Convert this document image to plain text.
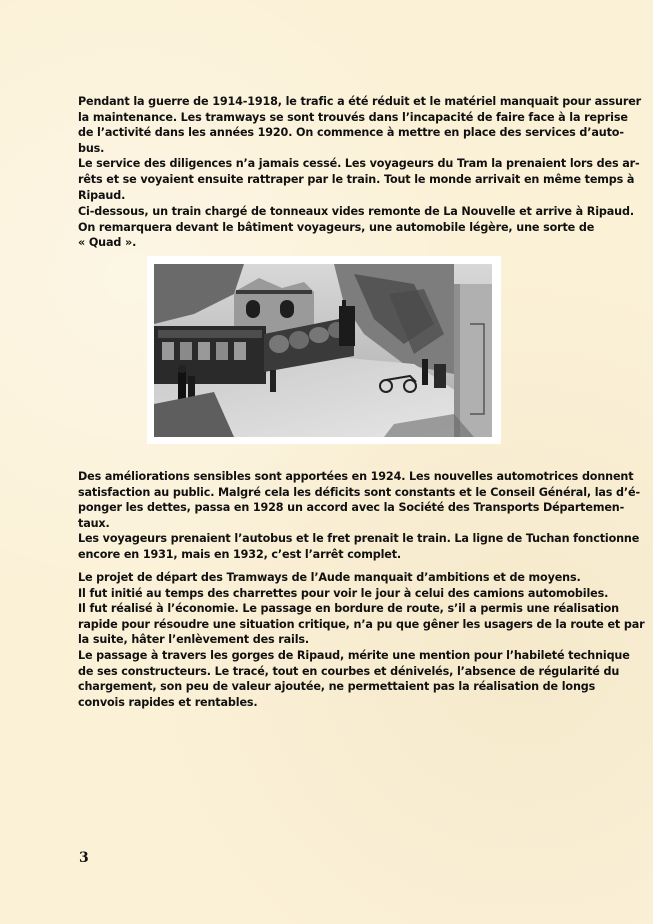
Pendant la guerre de 1914-1918, le trafic a été réduit et le matériel manquait pour assurer
la maintenance. Les tramways se sont trouvés dans l’incapacité de faire face à la reprise
de l’activité dans les années 1920. On commence à mettre en place des services d’auto-
bus.
Le service des diligences n’a jamais cessé. Les voyageurs du Tram la prenaient lors des ar-
rêts et se voyaient ensuite rattraper par le train. Tout le monde arrivait en même temps à
Ripaud.

Ci-dessous, un train chargé de tonneaux vides remonte de La Nouvelle et arrive à Ripaud.
On remarquera devant le bâtiment voyageurs, une automobile légère, une sorte de
« Quad ».

Des améliorations sensibles sont apportées en 1924. Les nouvelles automotrices donnent
satisfaction au public. Malgré cela les déficits sont constants et le Conseil Général, las d’é-
ponger les dettes, passa en 1928 un accord avec la Société des Transports Départemen-
taux.
Les voyageurs prenaient l’autobus et le fret prenait le train. La ligne de Tuchan fonctionne
encore en 1931, mais en 1932, c’est l’arrêt complet.

Le projet de départ des Tramways de l’Aude manquait d’ambitions et de moyens.
Il fut initié au temps des charrettes pour voir le jour à celui des camions automobiles.
Il fut réalisé à l’économie. Le passage en bordure de route, s’il a permis une réalisation
rapide pour résoudre une situation critique, n’a pu que gêner les usagers de la route et par
la suite, hâter l’enlèvement des rails.
Le passage à travers les gorges de Ripaud, mérite une mention pour l’habileté technique
de ses constructeurs. Le tracé, tout en courbes et dénivelés, l’absence de régularité du
chargement, son peu de valeur ajoutée, ne permettaient pas la réalisation de longs
convois rapides et rentables.

3
